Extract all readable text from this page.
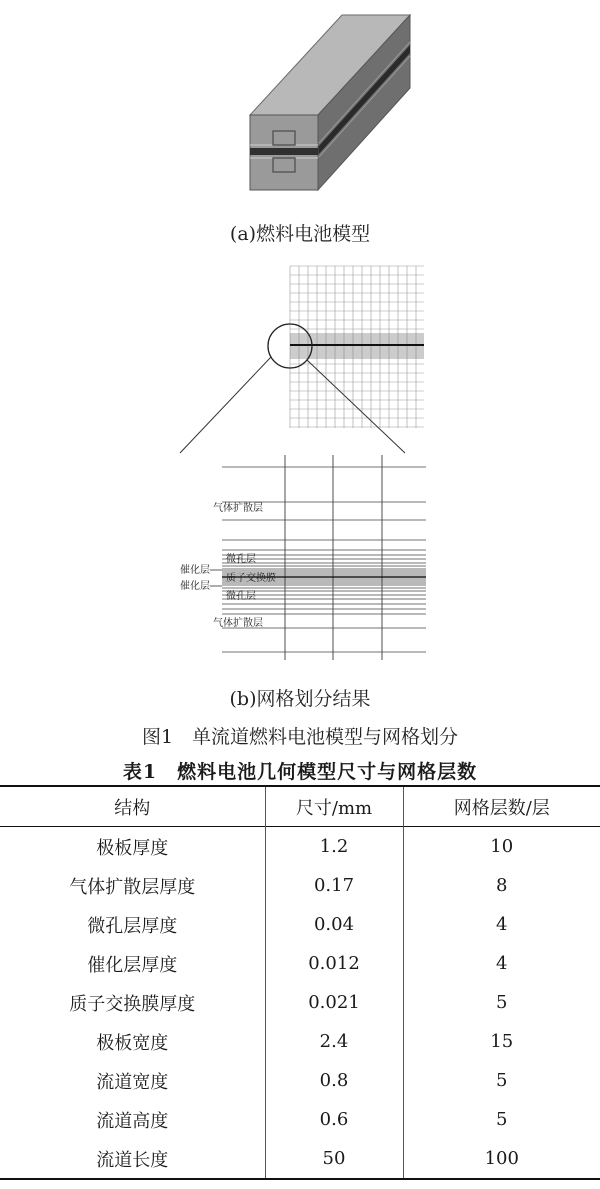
(a)燃料电池模型
气体扩散层
微孔层
催化层
质子交换膜
催化层
微孔层
气体扩散层
(b)网格划分结果
图1　单流道燃料电池模型与网格划分
表1　燃料电池几何模型尺寸与网格层数
结构	尺寸/mm	网格层数/层
极板厚度	1.2	10
气体扩散层厚度	0.17	8
微孔层厚度	0.04	4
催化层厚度	0.012	4
质子交换膜厚度	0.021	5
极板宽度	2.4	15
流道宽度	0.8	5
流道高度	0.6	5
流道长度	50	100
